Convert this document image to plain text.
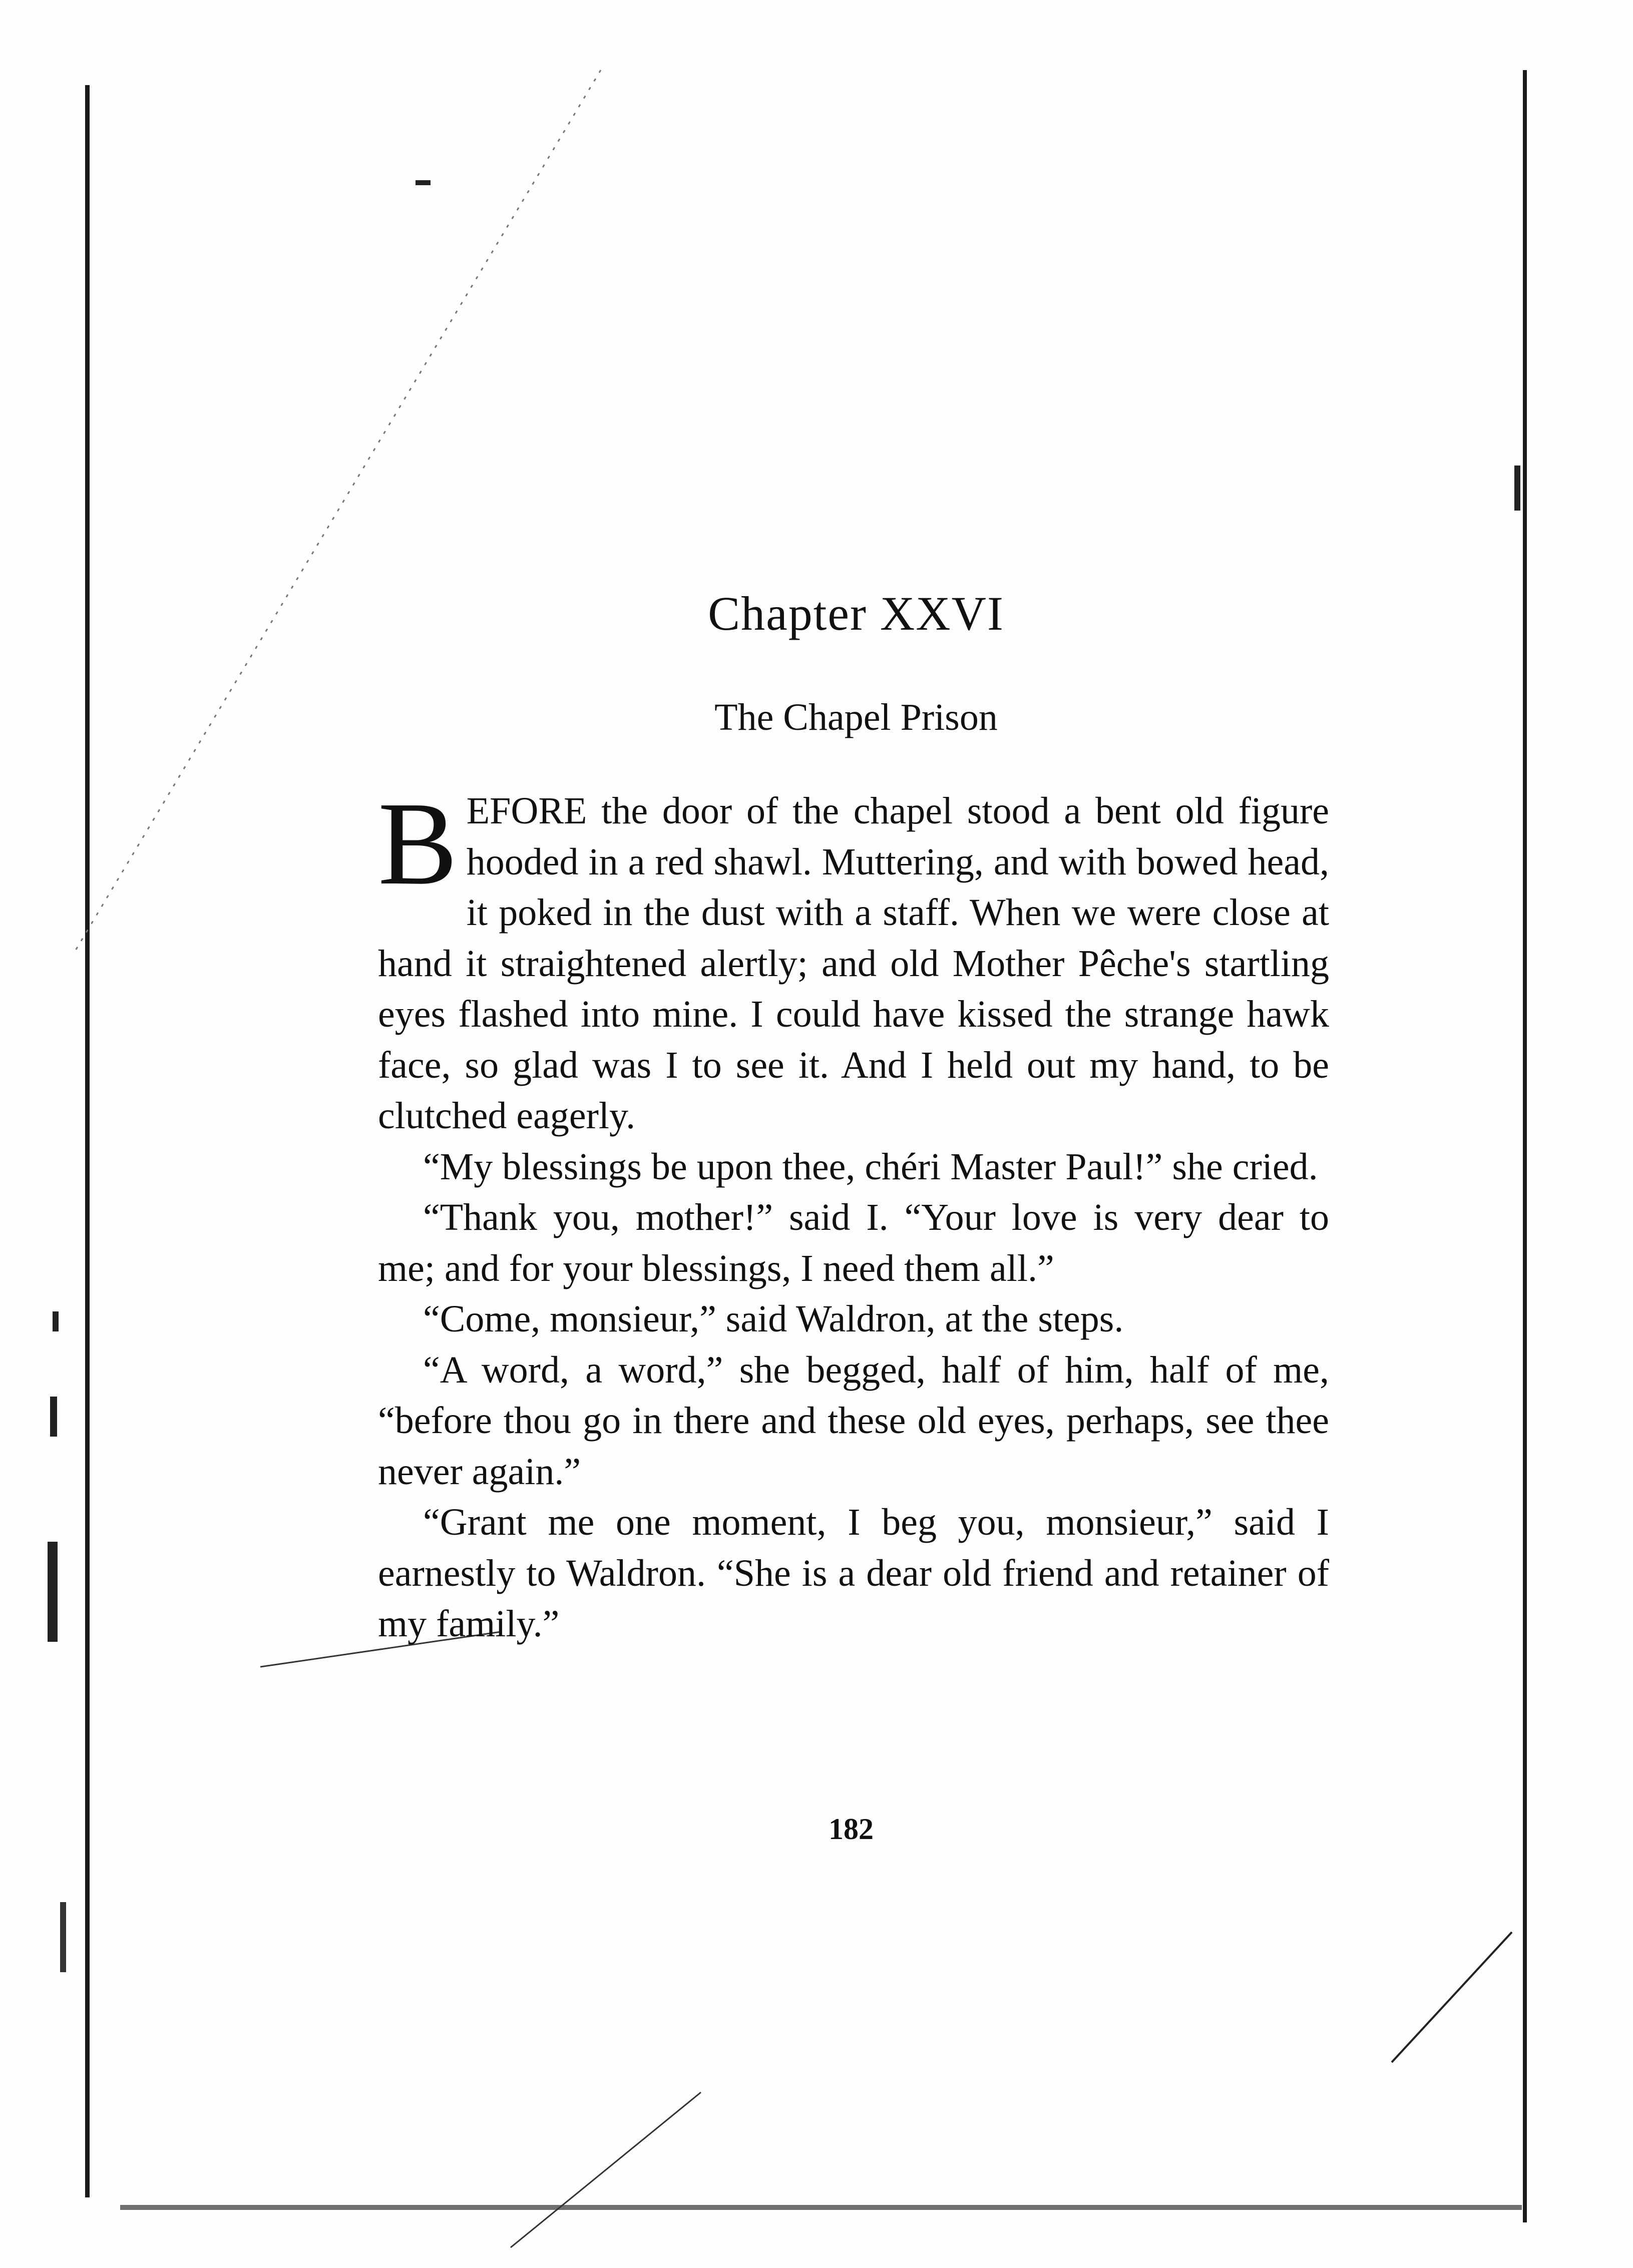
Chapter XXVI
The Chapel Prison

BEFORE the door of the chapel stood a bent old figure hooded in a red shawl. Muttering, and with bowed head, it poked in the dust with a staff. When we were close at hand it straightened alertly; and old Mother Pêche's startling eyes flashed into mine. I could have kissed the strange hawk face, so glad was I to see it. And I held out my hand, to be clutched eagerly.

“My blessings be upon thee, chéri Master Paul!” she cried.

“Thank you, mother!” said I. “Your love is very dear to me; and for your blessings, I need them all.”

“Come, monsieur,” said Waldron, at the steps.

“A word, a word,” she begged, half of him, half of me, “before thou go in there and these old eyes, perhaps, see thee never again.”

“Grant me one moment, I beg you, monsieur,” said I earnestly to Waldron. “She is a dear old friend and retainer of my family.”

182
